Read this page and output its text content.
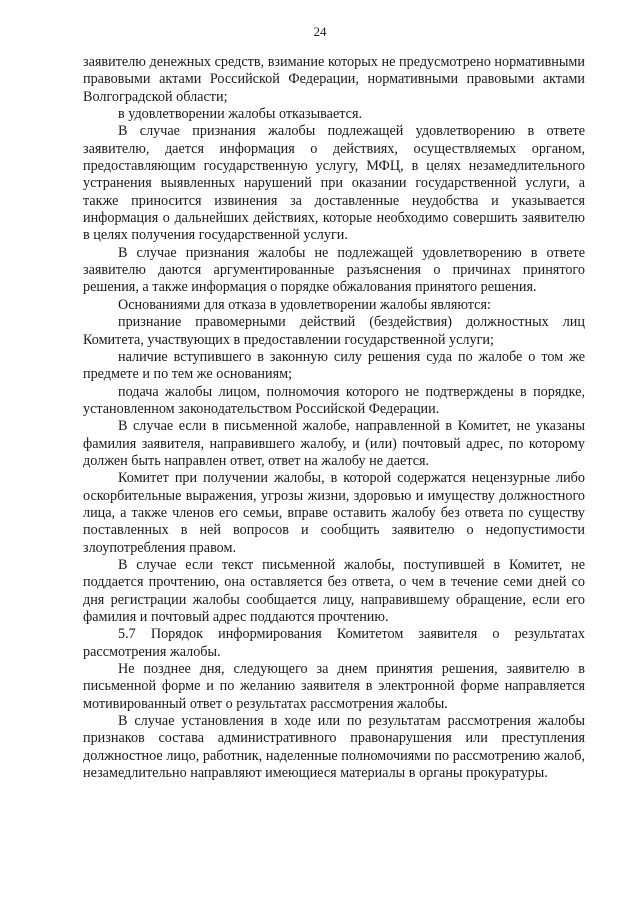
24

заявителю денежных средств, взимание которых не предусмотрено нормативными правовыми актами Российской Федерации, нормативными правовыми актами Волгоградской области;

в удовлетворении жалобы отказывается.

В случае признания жалобы подлежащей удовлетворению в ответе заявителю, дается информация о действиях, осуществляемых органом, предоставляющим государственную услугу, МФЦ, в целях незамедлительного устранения выявленных нарушений при оказании государственной услуги, а также приносится извинения за доставленные неудобства и указывается информация о дальнейших действиях, которые необходимо совершить заявителю в целях получения государственной услуги.

В случае признания жалобы не подлежащей удовлетворению в ответе заявителю даются аргументированные разъяснения о причинах принятого решения, а также информация о порядке обжалования принятого решения.

Основаниями для отказа в удовлетворении жалобы являются:

признание правомерными действий (бездействия) должностных лиц Комитета, участвующих в предоставлении государственной услуги;

наличие вступившего в законную силу решения суда по жалобе о том же предмете и по тем же основаниям;

подача жалобы лицом, полномочия которого не подтверждены в порядке, установленном законодательством Российской Федерации.

В случае если в письменной жалобе, направленной в Комитет, не указаны фамилия заявителя, направившего жалобу, и (или) почтовый адрес, по которому должен быть направлен ответ, ответ на жалобу не дается.

Комитет при получении жалобы, в которой содержатся нецензурные либо оскорбительные выражения, угрозы жизни, здоровью и имуществу должностного лица, а также членов его семьи, вправе оставить жалобу без ответа по существу поставленных в ней вопросов и сообщить заявителю о недопустимости злоупотребления правом.

В случае если текст письменной жалобы, поступившей в Комитет, не поддается прочтению, она оставляется без ответа, о чем в течение семи дней со дня регистрации жалобы сообщается лицу, направившему обращение, если его фамилия и почтовый адрес поддаются прочтению.

5.7 Порядок информирования Комитетом заявителя о результатах рассмотрения жалобы.

Не позднее дня, следующего за днем принятия решения, заявителю в письменной форме и по желанию заявителя в электронной форме направляется мотивированный ответ о результатах рассмотрения жалобы.

В случае установления в ходе или по результатам рассмотрения жалобы признаков состава административного правонарушения или преступления должностное лицо, работник, наделенные полномочиями по рассмотрению жалоб, незамедлительно направляют имеющиеся материалы в органы прокуратуры.
